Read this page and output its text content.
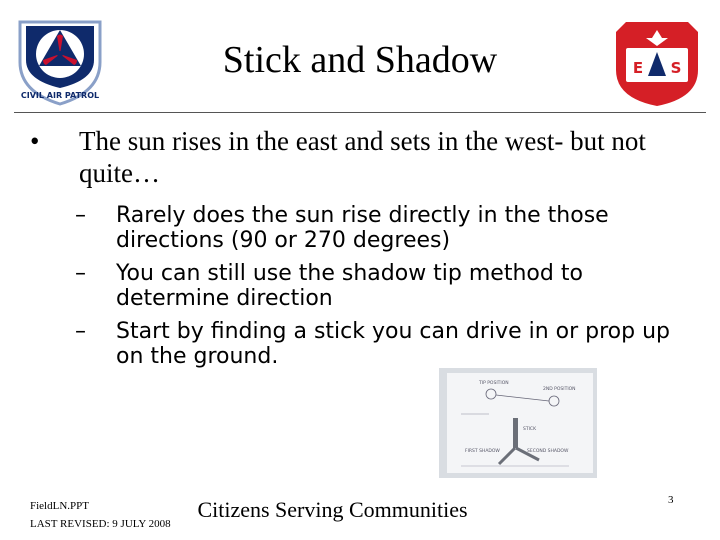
CIVIL AIR PATROL
Stick and Shadow	E S
• The sun rises in the east and sets in the west- but not quite…
– Rarely does the sun rise directly in the those directions (90 or 270 degrees)
– You can still use the shadow tip method to determine direction
– Start by finding a stick you can drive in or prop up on the ground.
TIP POSITION
2ND POSITION
STICK
FIRST SHADOW	SECOND SHADOW
FieldLN.PPT
LAST REVISED: 9 JULY 2008
Citizens Serving Communities	3
